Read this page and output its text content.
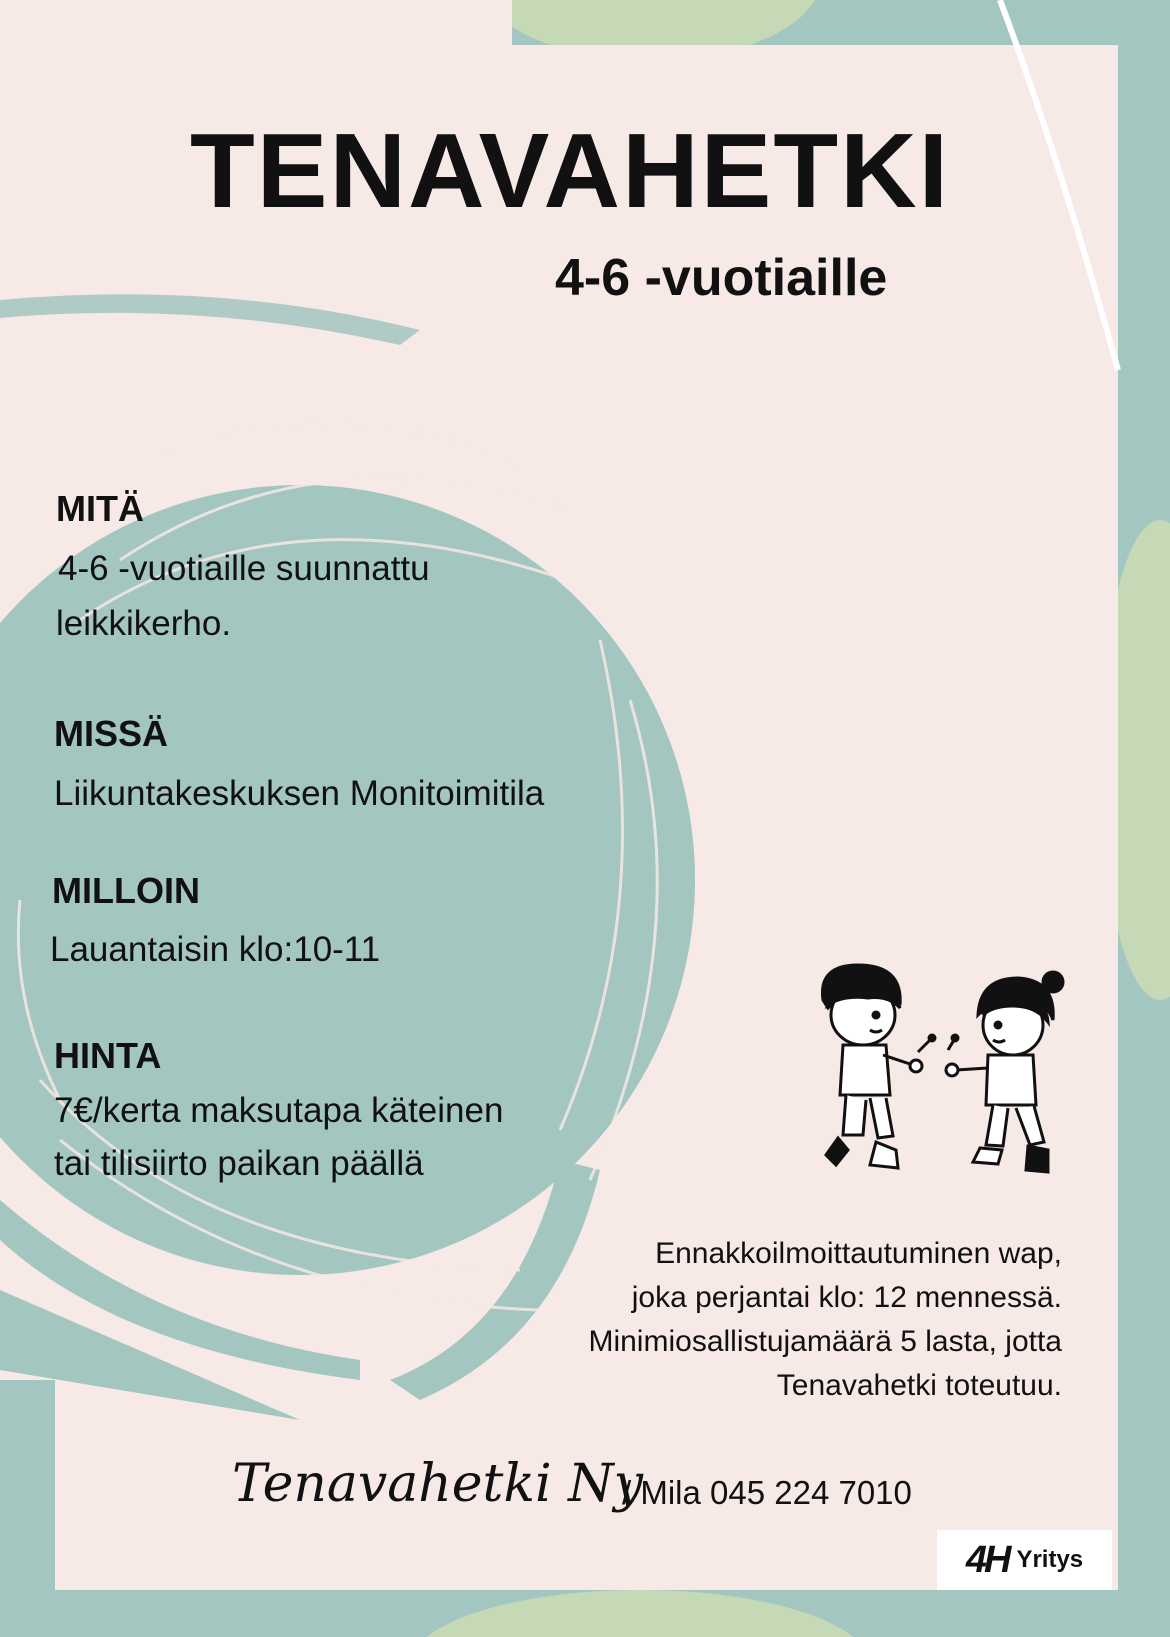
TENAVAHETKI
4-6 -vuotiaille
MITÄ
4-6 -vuotiaille suunnattu
leikkikerho.
MISSÄ
Liikuntakeskuksen Monitoimitila
MILLOIN
Lauantaisin klo:10-11
HINTA
7€/kerta maksutapa käteinen
tai tilisiirto paikan päällä
Ennakkoilmoittautuminen wap,
joka perjantai klo: 12 mennessä.
Minimiosallistujamäärä 5 lasta, jotta
Tenavahetki toteutuu.
Tenavahetki Ny
/ Mila 045 224 7010
4H Yritys
